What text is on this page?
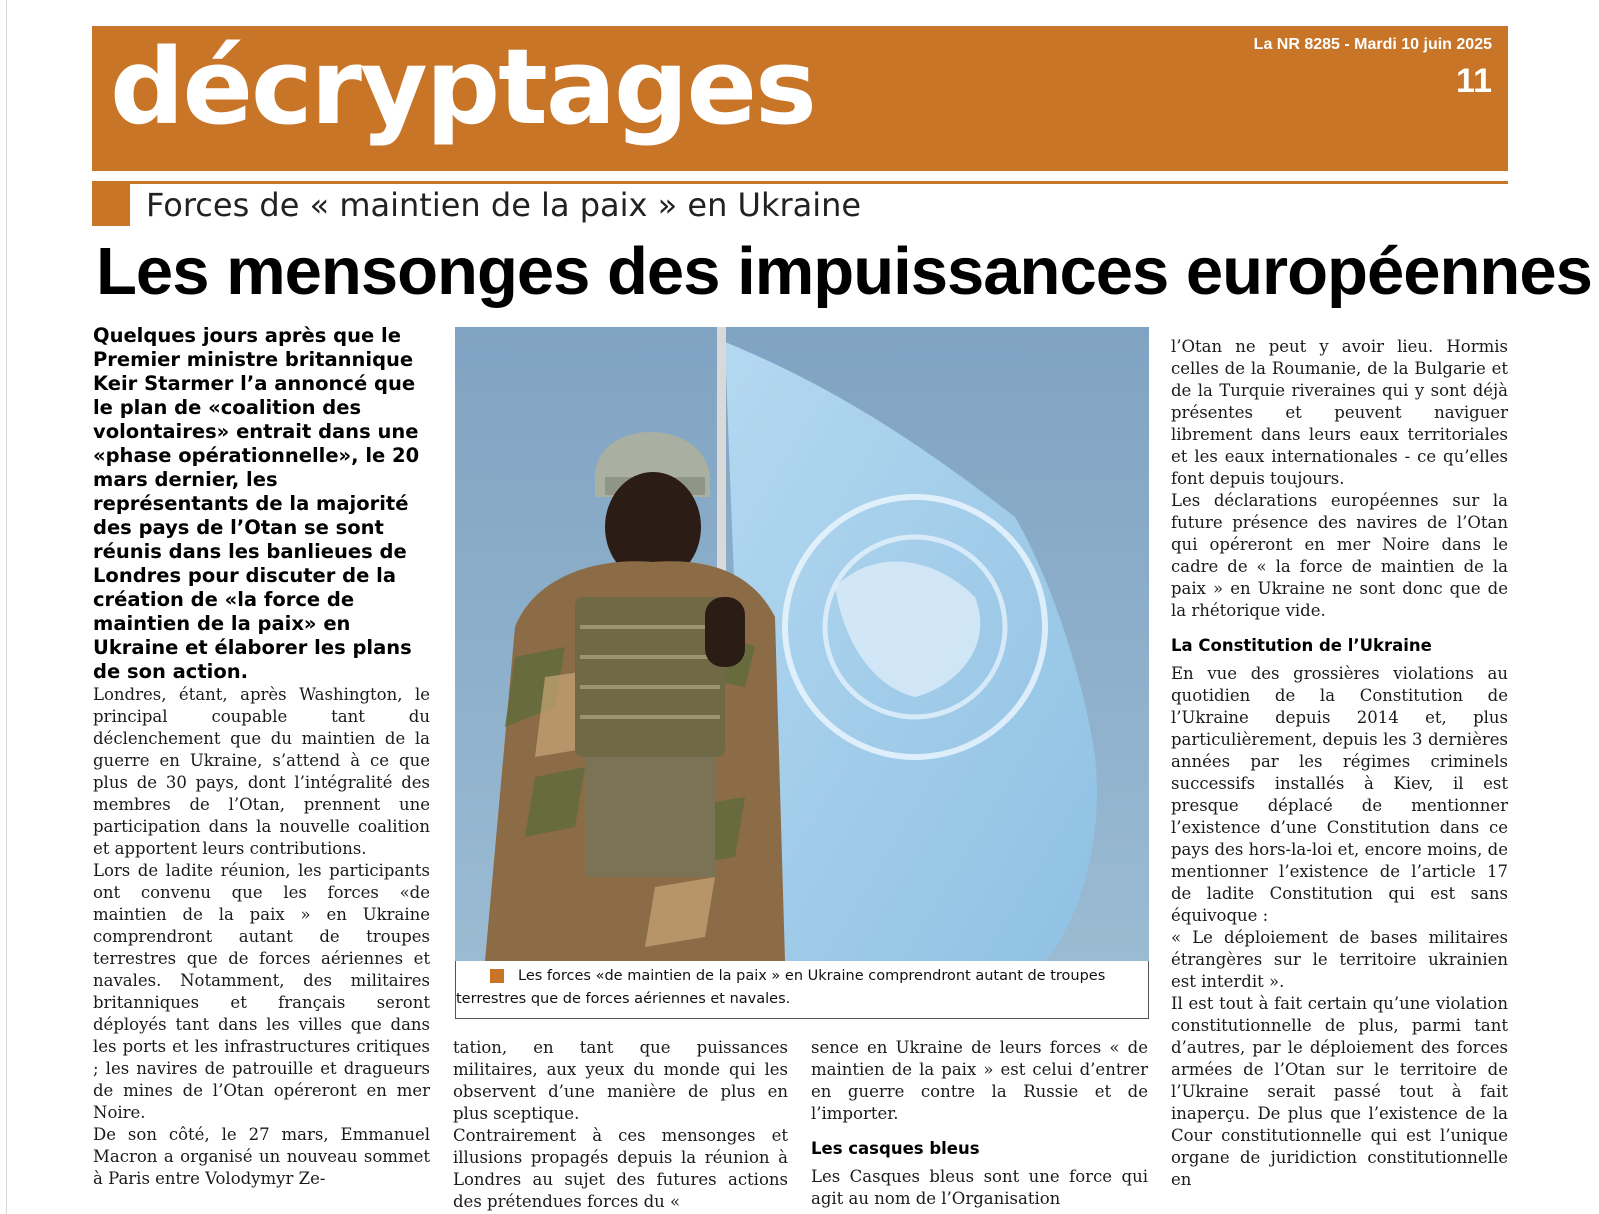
décryptages	La NR 8285 - Mardi 10 juin 2025
11
Forces de « maintien de la paix » en Ukraine
Les mensonges des impuissances européennes
Quelques jours après que le Premier ministre britannique Keir Starmer l’a annoncé que le plan de «coalition des volontaires» entrait dans une «phase opérationnelle», le 20 mars dernier, les représentants de la majorité des pays de l’Otan se sont réunis dans les banlieues de Londres pour discuter de la création de «la force de maintien de la paix» en Ukraine et élaborer les plans de son action.

Londres, étant, après Washington, le principal coupable tant du déclenchement que du maintien de la guerre en Ukraine, s’attend à ce que plus de 30 pays, dont l’intégralité des membres de l’Otan, prennent une participation dans la nouvelle coalition et apportent leurs contributions.

Lors de ladite réunion, les participants ont convenu que les forces «de maintien de la paix » en Ukraine comprendront autant de troupes terrestres que de forces aériennes et navales. Notamment, des militaires britanniques et français seront déployés tant dans les villes que dans les ports et les infrastructures critiques ; les navires de patrouille et dragueurs de mines de l’Otan opéreront en mer Noire.

De son côté, le 27 mars, Emmanuel Macron a organisé un nouveau sommet à Paris entre Volodymyr Ze-

Les forces «de maintien de la paix » en Ukraine comprendront autant de troupes terrestres que de forces aériennes et navales.

tation, en tant que puissances militaires, aux yeux du monde qui les observent d’une manière de plus en plus sceptique.

Contrairement à ces mensonges et illusions propagés depuis la réunion à Londres au sujet des futures actions des prétendues forces du «

sence en Ukraine de leurs forces « de maintien de la paix » est celui d’entrer en guerre contre la Russie et de l’importer.

Les casques bleus

Les Casques bleus sont une force qui agit au nom de l’Organisation

l’Otan ne peut y avoir lieu. Hormis celles de la Roumanie, de la Bulgarie et de la Turquie riveraines qui y sont déjà présentes et peuvent naviguer librement dans leurs eaux territoriales et les eaux internationales - ce qu’elles font depuis toujours.

Les déclarations européennes sur la future présence des navires de l’Otan qui opéreront en mer Noire dans le cadre de « la force de maintien de la paix » en Ukraine ne sont donc que de la rhétorique vide.

La Constitution de l’Ukraine

En vue des grossières violations au quotidien de la Constitution de l’Ukraine depuis 2014 et, plus particulièrement, depuis les 3 dernières années par les régimes criminels successifs installés à Kiev, il est presque déplacé de mentionner l’existence d’une Constitution dans ce pays des hors-la-loi et, encore moins, de mentionner l’existence de l’article 17 de ladite Constitution qui est sans équivoque :

« Le déploiement de bases militaires étrangères sur le territoire ukrainien est interdit ».

Il est tout à fait certain qu’une violation constitutionnelle de plus, parmi tant d’autres, par le déploiement des forces armées de l’Otan sur le territoire de l’Ukraine serait passé tout à fait inaperçu. De plus que l’existence de la Cour constitutionnelle qui est l’unique organe de juridiction constitutionnelle en
